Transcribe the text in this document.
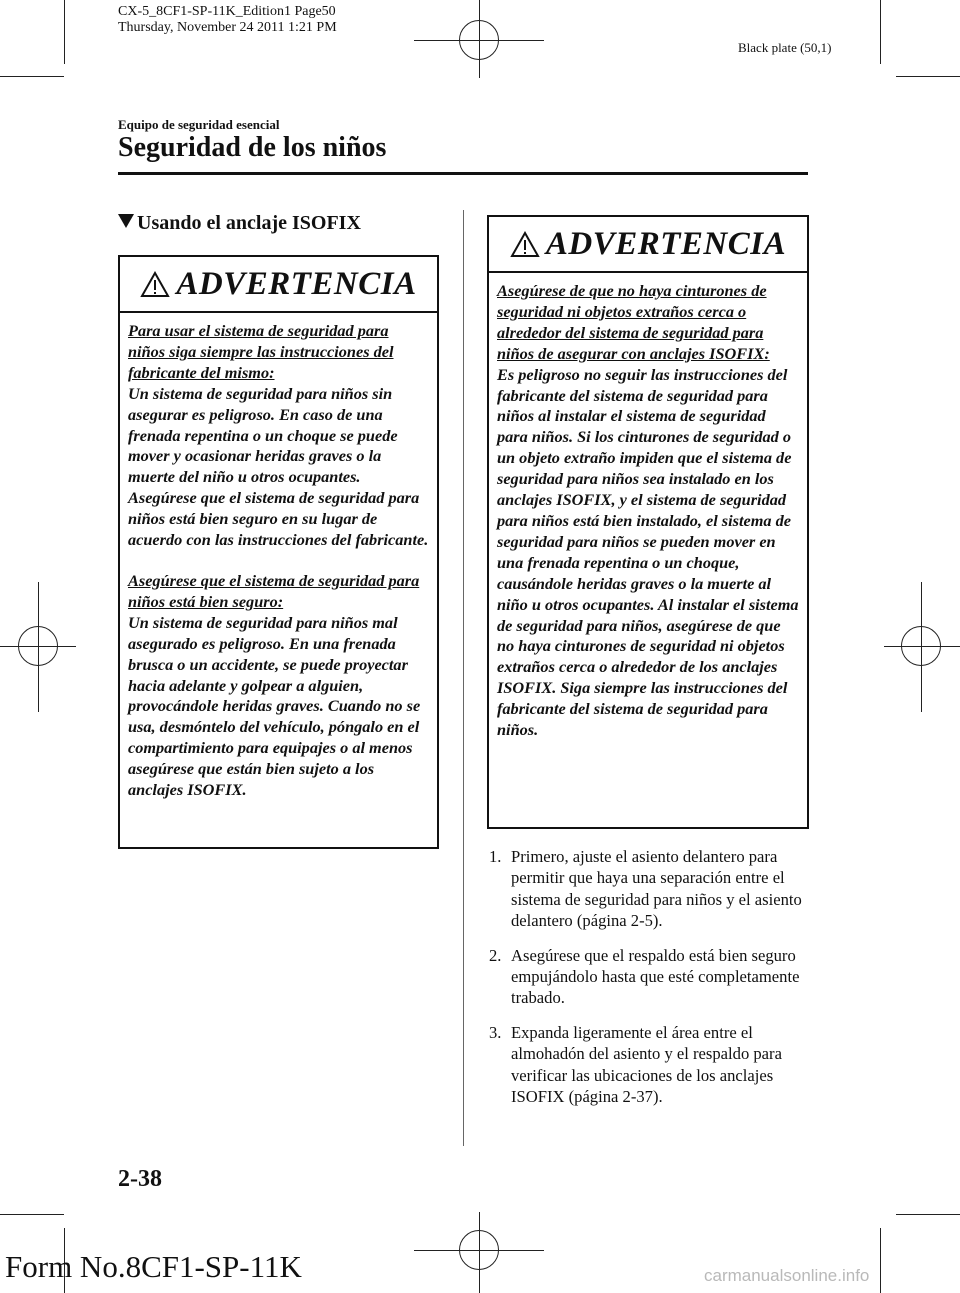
CX-5_8CF1-SP-11K_Edition1 Page50
Thursday, November 24 2011 1:21 PM
Black plate (50,1)
Equipo de seguridad esencial
Seguridad de los niños
Usando el anclaje ISOFIX
ADVERTENCIA

Para usar el sistema de seguridad para niños siga siempre las instrucciones del fabricante del mismo:

Un sistema de seguridad para niños sin asegurar es peligroso. En caso de una frenada repentina o un choque se puede mover y ocasionar heridas graves o la muerte del niño u otros ocupantes. Asegúrese que el sistema de seguridad para niños está bien seguro en su lugar de acuerdo con las instrucciones del fabricante.

Asegúrese que el sistema de seguridad para niños está bien seguro:

Un sistema de seguridad para niños mal asegurado es peligroso. En una frenada brusca o un accidente, se puede proyectar hacia adelante y golpear a alguien, provocándole heridas graves. Cuando no se usa, desmóntelo del vehículo, póngalo en el compartimiento para equipajes o al menos asegúrese que están bien sujeto a los anclajes ISOFIX.

ADVERTENCIA

Asegúrese de que no haya cinturones de seguridad ni objetos extraños cerca o alrededor del sistema de seguridad para niños de asegurar con anclajes ISOFIX:

Es peligroso no seguir las instrucciones del fabricante del sistema de seguridad para niños al instalar el sistema de seguridad para niños. Si los cinturones de seguridad o un objeto extraño impiden que el sistema de seguridad para niños sea instalado en los anclajes ISOFIX, y el sistema de seguridad para niños está bien instalado, el sistema de seguridad para niños se pueden mover en una frenada repentina o un choque, causándole heridas graves o la muerte al niño u otros ocupantes. Al instalar el sistema de seguridad para niños, asegúrese de que no haya cinturones de seguridad ni objetos extraños cerca o alrededor de los anclajes ISOFIX. Siga siempre las instrucciones del fabricante del sistema de seguridad para niños.

1. Primero, ajuste el asiento delantero para permitir que haya una separación entre el sistema de seguridad para niños y el asiento delantero (página 2-5).
2. Asegúrese que el respaldo está bien seguro empujándolo hasta que esté completamente trabado.
3. Expanda ligeramente el área entre el almohadón del asiento y el respaldo para verificar las ubicaciones de los anclajes ISOFIX (página 2-37).
2-38
Form No.8CF1-SP-11K	carmanualsonline.info
